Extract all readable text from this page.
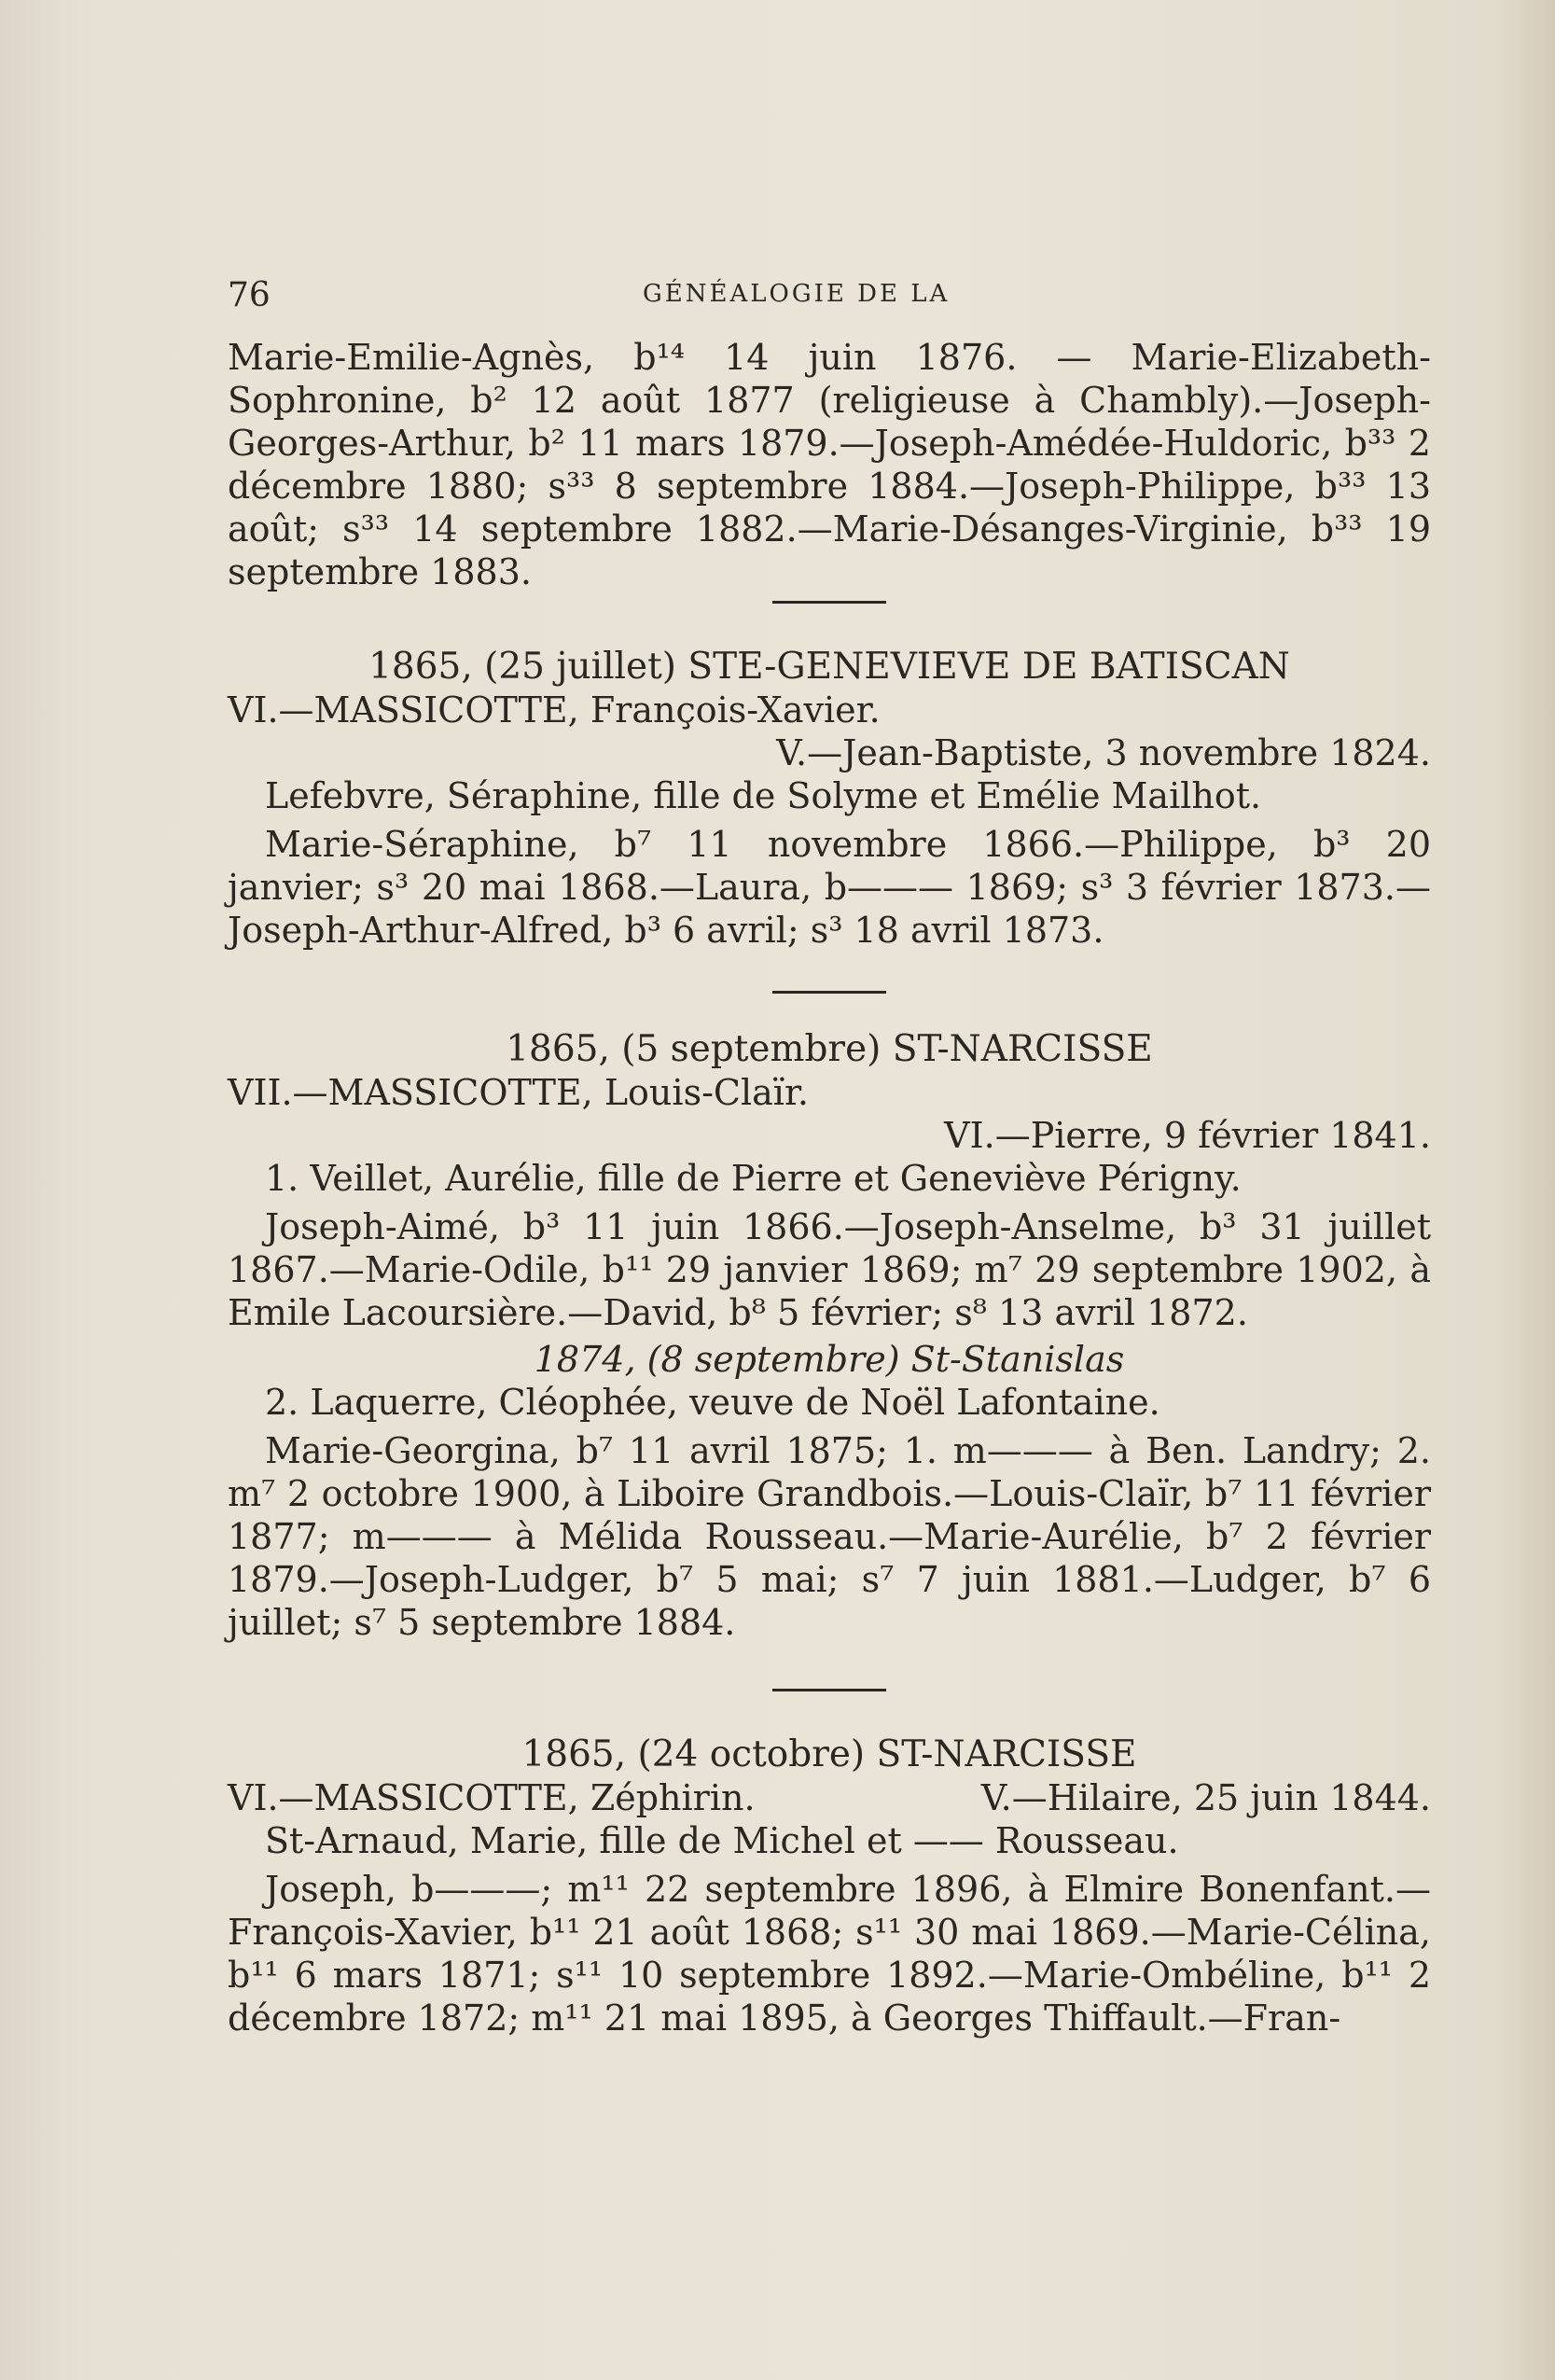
76	GÉNÉALOGIE DE LA

Marie-Emilie-Agnès, b¹⁴ 14 juin 1876. — Marie-Elizabeth-Sophronine, b² 12 août 1877 (religieuse à Chambly).—Joseph-Georges-Arthur, b² 11 mars 1879.—Joseph-Amédée-Huldoric, b³³ 2 décembre 1880; s³³ 8 septembre 1884.—Joseph-Philippe, b³³ 13 août; s³³ 14 septembre 1882.—Marie-Désanges-Virginie, b³³ 19 septembre 1883.

1865, (25 juillet) STE-GENEVIEVE DE BATISCAN

VI.—MASSICOTTE, François-Xavier.

V.—Jean-Baptiste, 3 novembre 1824.

Lefebvre, Séraphine, fille de Solyme et Emélie Mailhot.

Marie-Séraphine, b⁷ 11 novembre 1866.—Philippe, b³ 20 janvier; s³ 20 mai 1868.—Laura, b——— 1869; s³ 3 février 1873.—Joseph-Arthur-Alfred, b³ 6 avril; s³ 18 avril 1873.

1865, (5 septembre) ST-NARCISSE

VII.—MASSICOTTE, Louis-Claïr.

VI.—Pierre, 9 février 1841.

1. Veillet, Aurélie, fille de Pierre et Geneviève Périgny.

Joseph-Aimé, b³ 11 juin 1866.—Joseph-Anselme, b³ 31 juillet 1867.—Marie-Odile, b¹¹ 29 janvier 1869; m⁷ 29 septembre 1902, à Emile Lacoursière.—David, b⁸ 5 février; s⁸ 13 avril 1872.

1874, (8 septembre) St-Stanislas

2. Laquerre, Cléophée, veuve de Noël Lafontaine.

Marie-Georgina, b⁷ 11 avril 1875; 1. m——— à Ben. Landry; 2. m⁷ 2 octobre 1900, à Liboire Grandbois.—Louis-Claïr, b⁷ 11 février 1877; m——— à Mélida Rousseau.—Marie-Aurélie, b⁷ 2 février 1879.—Joseph-Ludger, b⁷ 5 mai; s⁷ 7 juin 1881.—Ludger, b⁷ 6 juillet; s⁷ 5 septembre 1884.

1865, (24 octobre) ST-NARCISSE

VI.—MASSICOTTE, Zéphirin.	V.—Hilaire, 25 juin 1844.

St-Arnaud, Marie, fille de Michel et —— Rousseau.

Joseph, b———; m¹¹ 22 septembre 1896, à Elmire Bonenfant.—François-Xavier, b¹¹ 21 août 1868; s¹¹ 30 mai 1869.—Marie-Célina, b¹¹ 6 mars 1871; s¹¹ 10 septembre 1892.—Marie-Ombéline, b¹¹ 2 décembre 1872; m¹¹ 21 mai 1895, à Georges Thiffault.—Fran-
